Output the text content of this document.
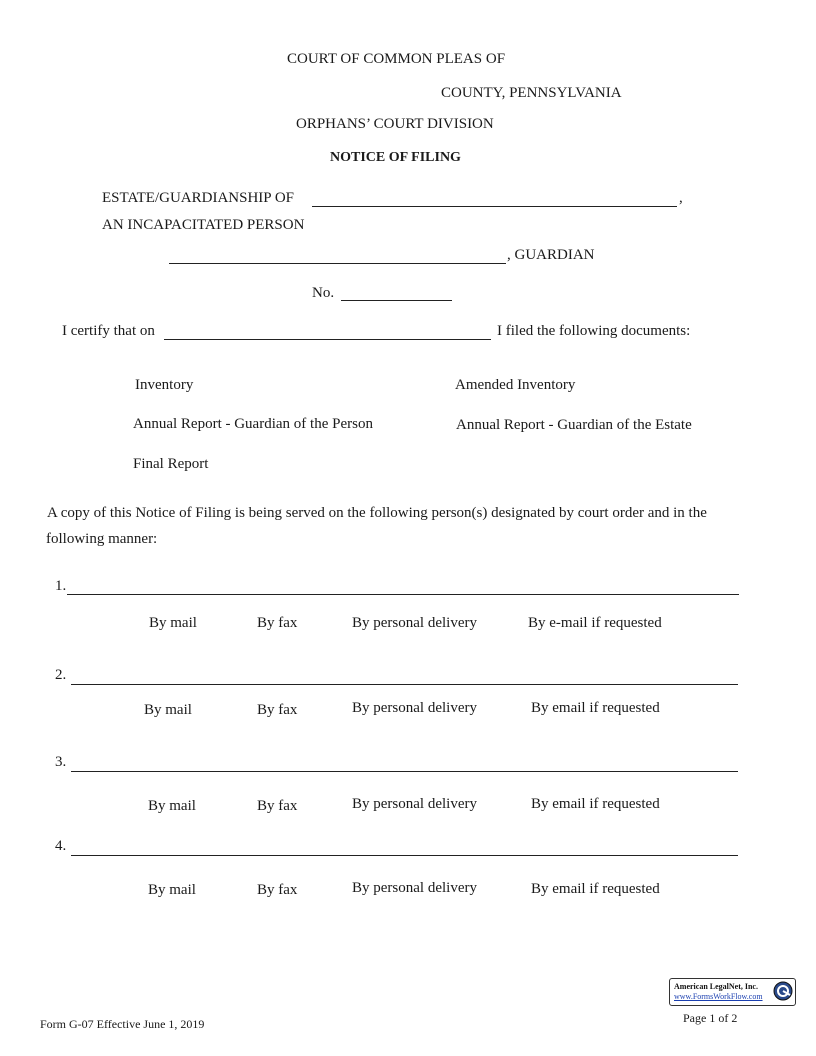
COURT OF COMMON PLEAS OF
COUNTY, PENNSYLVANIA
ORPHANS’ COURT DIVISION
NOTICE OF FILING
ESTATE/GUARDIANSHIP OF	,
AN INCAPACITATED PERSON
, GUARDIAN
No.
I certify that on	I filed the following documents:
Inventory	Amended Inventory
Annual Report - Guardian of the Person	Annual Report - Guardian of the Estate
Final Report
A copy of this Notice of Filing is being served on the following person(s) designated by court order and in the
following manner:
1.
By mail	By fax	By personal delivery	By e-mail if requested
2.
By mail	By fax	By personal delivery	By email if requested
3.
By mail	By fax	By personal delivery	By email if requested
4.
By mail	By fax	By personal delivery	By email if requested
Form G-07 Effective June 1, 2019
American LegalNet, Inc.
www.FormsWorkFlow.com
Page 1 of 2
